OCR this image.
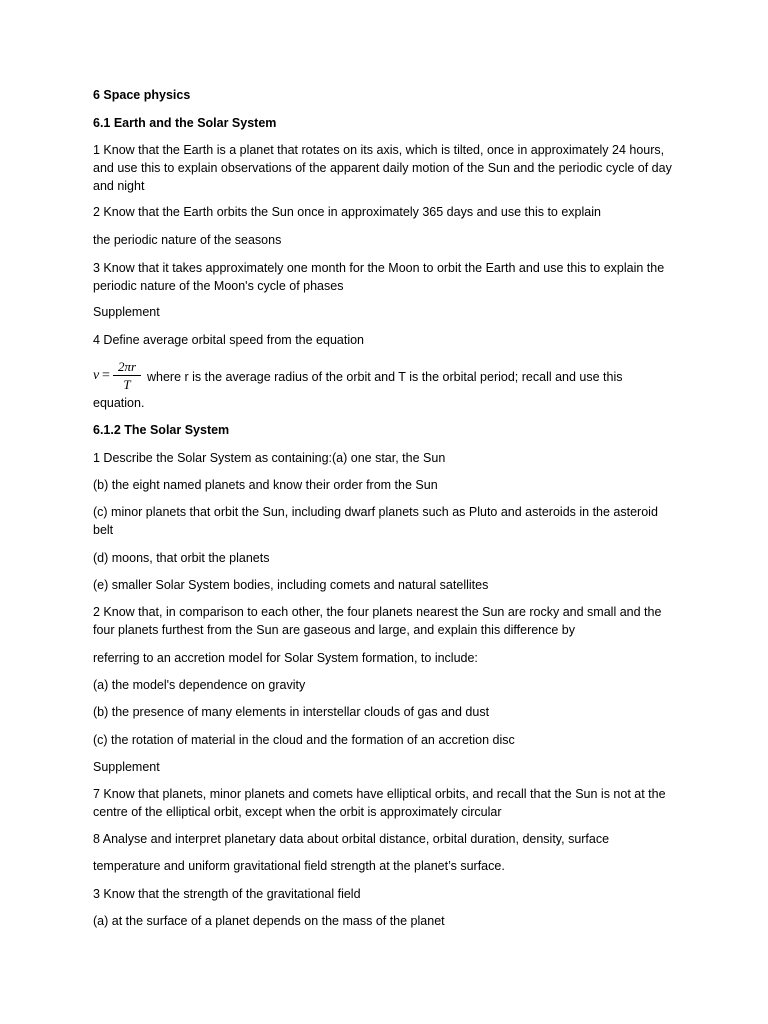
6 Space physics

6.1 Earth and the Solar System

1 Know that the Earth is a planet that rotates on its axis, which is tilted, once in approximately 24 hours, and use this to explain observations of the apparent daily motion of the Sun and the periodic cycle of day and night

2 Know that the Earth orbits the Sun once in approximately 365 days and use this to explain

the periodic nature of the seasons

3 Know that it takes approximately one month for the Moon to orbit the Earth and use this to explain the periodic nature of the Moon's cycle of phases

Supplement

4 Define average orbital speed from the equation

$v = \frac{2\pi r}{T}$ where r is the average radius of the orbit and T is the orbital period; recall and use this

equation.

6.1.2 The Solar System

1 Describe the Solar System as containing:(a) one star, the Sun

(b) the eight named planets and know their order from the Sun

(c) minor planets that orbit the Sun, including dwarf planets such as Pluto and asteroids in the asteroid belt

(d) moons, that orbit the planets

(e) smaller Solar System bodies, including comets and natural satellites

2 Know that, in comparison to each other, the four planets nearest the Sun are rocky and small and the four planets furthest from the Sun are gaseous and large, and explain this difference by

referring to an accretion model for Solar System formation, to include:

(a) the model's dependence on gravity

(b) the presence of many elements in interstellar clouds of gas and dust

(c) the rotation of material in the cloud and the formation of an accretion disc

Supplement

7 Know that planets, minor planets and comets have elliptical orbits, and recall that the Sun is not at the centre of the elliptical orbit, except when the orbit is approximately circular

8 Analyse and interpret planetary data about orbital distance, orbital duration, density, surface

temperature and uniform gravitational field strength at the planet’s surface.

3 Know that the strength of the gravitational field

(a) at the surface of a planet depends on the mass of the planet
